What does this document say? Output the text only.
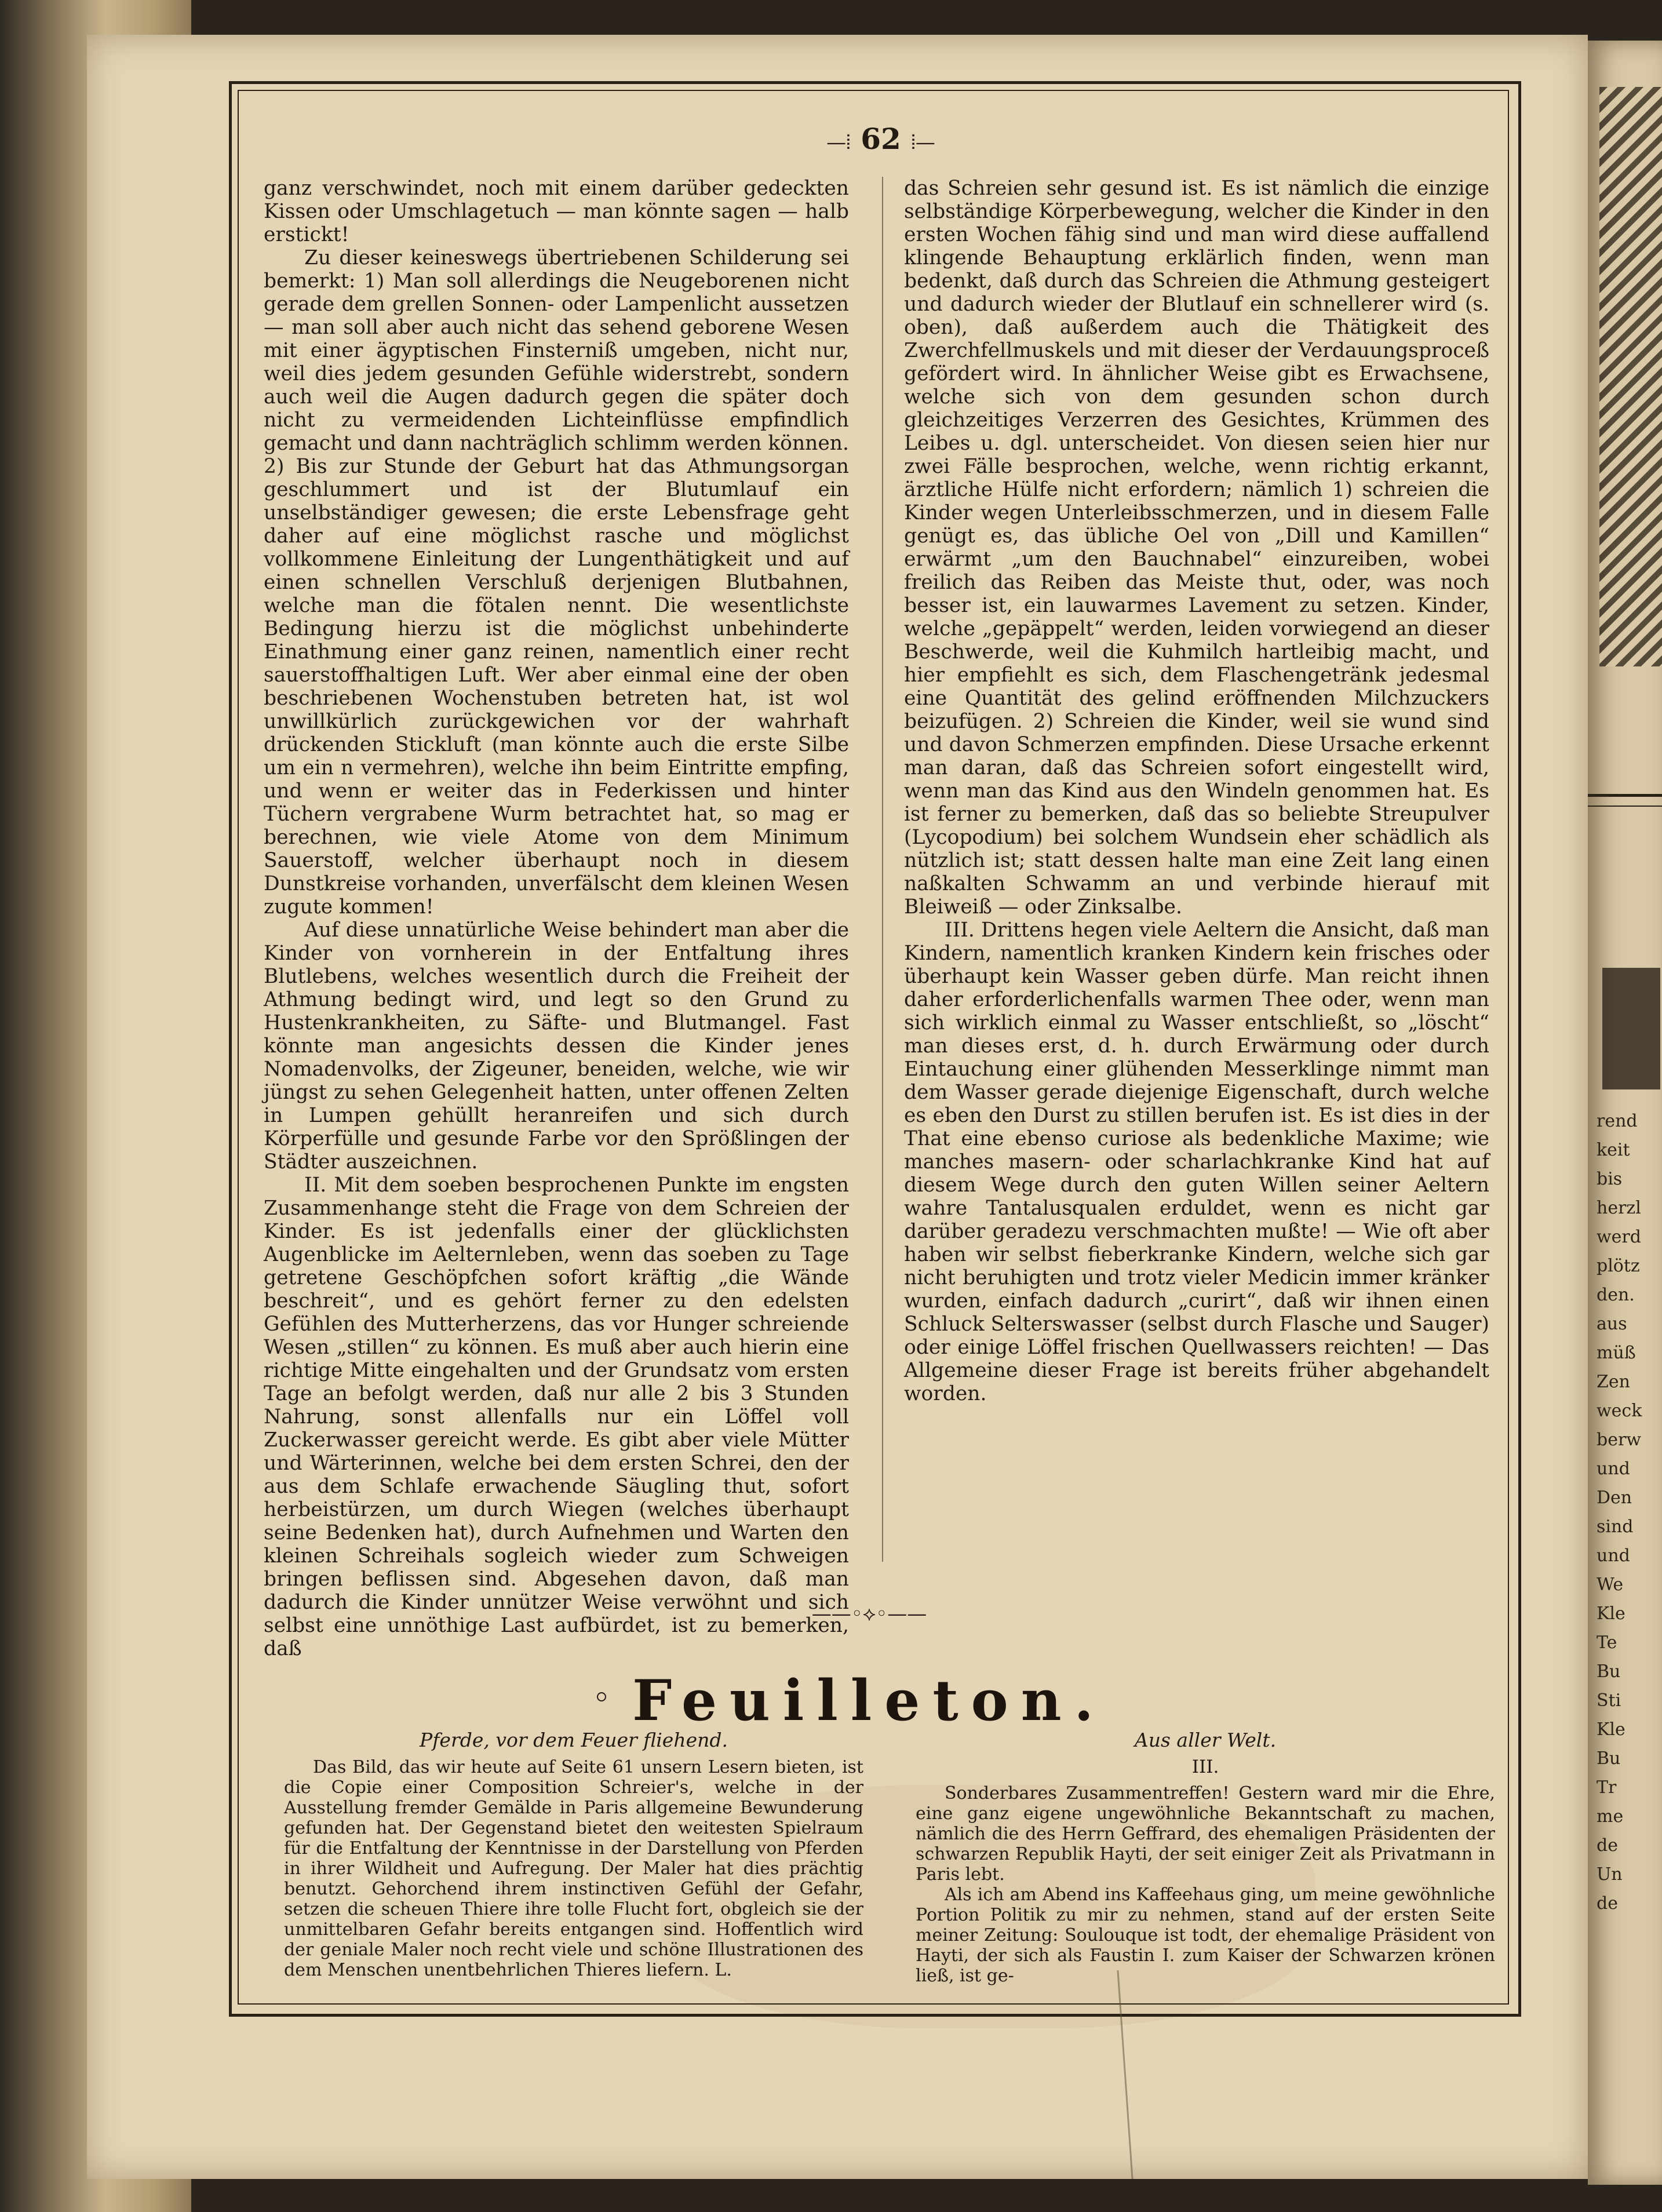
rend
keit
bis
herzl
werd
plötz
den.
aus
müß
Zen
weck
berw
und
Den
sind
und
We
Kle
Te
Bu
Sti
Kle
Bu
Tr
me
de
Un
de
—⦙ 62 ⦙—

ganz verschwindet, noch mit einem darüber gedeckten Kissen oder Umschlagetuch — man könnte sagen — halb erstickt!

Zu dieser keineswegs übertriebenen Schilderung sei bemerkt: 1) Man soll allerdings die Neugeborenen nicht gerade dem grellen Sonnen- oder Lampenlicht aussetzen — man soll aber auch nicht das sehend geborene Wesen mit einer ägyptischen Finsterniß umgeben, nicht nur, weil dies jedem gesunden Gefühle widerstrebt, sondern auch weil die Augen dadurch gegen die später doch nicht zu vermeidenden Lichteinflüsse empfindlich gemacht und dann nachträglich schlimm werden können. 2) Bis zur Stunde der Geburt hat das Athmungsorgan geschlummert und ist der Blutumlauf ein unselbständiger gewesen; die erste Lebensfrage geht daher auf eine möglichst rasche und möglichst vollkommene Einleitung der Lungenthätigkeit und auf einen schnellen Verschluß derjenigen Blutbahnen, welche man die fötalen nennt. Die wesentlichste Bedingung hierzu ist die möglichst unbehinderte Einathmung einer ganz reinen, namentlich einer recht sauerstoffhaltigen Luft. Wer aber einmal eine der oben beschriebenen Wochenstuben betreten hat, ist wol unwillkürlich zurückgewichen vor der wahrhaft drückenden Stickluft (man könnte auch die erste Silbe um ein n vermehren), welche ihn beim Eintritte empfing, und wenn er weiter das in Federkissen und hinter Tüchern vergrabene Wurm betrachtet hat, so mag er berechnen, wie viele Atome von dem Minimum Sauerstoff, welcher überhaupt noch in diesem Dunstkreise vorhanden, unverfälscht dem kleinen Wesen zugute kommen!

Auf diese unnatürliche Weise behindert man aber die Kinder von vornherein in der Entfaltung ihres Blutlebens, welches wesentlich durch die Freiheit der Athmung bedingt wird, und legt so den Grund zu Hustenkrankheiten, zu Säfte- und Blutmangel. Fast könnte man angesichts dessen die Kinder jenes Nomadenvolks, der Zigeuner, beneiden, welche, wie wir jüngst zu sehen Gelegenheit hatten, unter offenen Zelten in Lumpen gehüllt heranreifen und sich durch Körperfülle und gesunde Farbe vor den Sprößlingen der Städter auszeichnen.

II. Mit dem soeben besprochenen Punkte im engsten Zusammenhange steht die Frage von dem Schreien der Kinder. Es ist jedenfalls einer der glücklichsten Augenblicke im Aelternleben, wenn das soeben zu Tage getretene Geschöpfchen sofort kräftig „die Wände beschreit“, und es gehört ferner zu den edelsten Gefühlen des Mutterherzens, das vor Hunger schreiende Wesen „stillen“ zu können. Es muß aber auch hierin eine richtige Mitte eingehalten und der Grundsatz vom ersten Tage an befolgt werden, daß nur alle 2 bis 3 Stunden Nahrung, sonst allenfalls nur ein Löffel voll Zuckerwasser gereicht werde. Es gibt aber viele Mütter und Wärterinnen, welche bei dem ersten Schrei, den der aus dem Schlafe erwachende Säugling thut, sofort herbeistürzen, um durch Wiegen (welches überhaupt seine Bedenken hat), durch Aufnehmen und Warten den kleinen Schreihals sogleich wieder zum Schweigen bringen beflissen sind. Abgesehen davon, daß man dadurch die Kinder unnützer Weise verwöhnt und sich selbst eine unnöthige Last aufbürdet, ist zu bemerken, daß

das Schreien sehr gesund ist. Es ist nämlich die einzige selbständige Körperbewegung, welcher die Kinder in den ersten Wochen fähig sind und man wird diese auffallend klingende Behauptung erklärlich finden, wenn man bedenkt, daß durch das Schreien die Athmung gesteigert und dadurch wieder der Blutlauf ein schnellerer wird (s. oben), daß außerdem auch die Thätigkeit des Zwerchfellmuskels und mit dieser der Verdauungsproceß gefördert wird. In ähnlicher Weise gibt es Erwachsene, welche sich von dem gesunden schon durch gleichzeitiges Verzerren des Gesichtes, Krümmen des Leibes u. dgl. unterscheidet. Von diesen seien hier nur zwei Fälle besprochen, welche, wenn richtig erkannt, ärztliche Hülfe nicht erfordern; nämlich 1) schreien die Kinder wegen Unterleibsschmerzen, und in diesem Falle genügt es, das übliche Oel von „Dill und Kamillen“ erwärmt „um den Bauchnabel“ einzureiben, wobei freilich das Reiben das Meiste thut, oder, was noch besser ist, ein lauwarmes Lavement zu setzen. Kinder, welche „gepäppelt“ werden, leiden vorwiegend an dieser Beschwerde, weil die Kuhmilch hartleibig macht, und hier empfiehlt es sich, dem Flaschengetränk jedesmal eine Quantität des gelind eröffnenden Milchzuckers beizufügen. 2) Schreien die Kinder, weil sie wund sind und davon Schmerzen empfinden. Diese Ursache erkennt man daran, daß das Schreien sofort eingestellt wird, wenn man das Kind aus den Windeln genommen hat. Es ist ferner zu bemerken, daß das so beliebte Streupulver (Lycopodium) bei solchem Wundsein eher schädlich als nützlich ist; statt dessen halte man eine Zeit lang einen naßkalten Schwamm an und verbinde hierauf mit Bleiweiß — oder Zinksalbe.

III. Drittens hegen viele Aeltern die Ansicht, daß man Kindern, namentlich kranken Kindern kein frisches oder überhaupt kein Wasser geben dürfe. Man reicht ihnen daher erforderlichenfalls warmen Thee oder, wenn man sich wirklich einmal zu Wasser entschließt, so „löscht“ man dieses erst, d. h. durch Erwärmung oder durch Eintauchung einer glühenden Messerklinge nimmt man dem Wasser gerade diejenige Eigenschaft, durch welche es eben den Durst zu stillen berufen ist. Es ist dies in der That eine ebenso curiose als bedenkliche Maxime; wie manches masern- oder scharlachkranke Kind hat auf diesem Wege durch den guten Willen seiner Aeltern wahre Tantalusqualen erduldet, wenn es nicht gar darüber geradezu verschmachten mußte! — Wie oft aber haben wir selbst fieberkranke Kindern, welche sich gar nicht beruhigten und trotz vieler Medicin immer kränker wurden, einfach dadurch „curirt“, daß wir ihnen einen Schluck Selterswasser (selbst durch Flasche und Sauger) oder einige Löffel frischen Quellwassers reichten! — Das Allgemeine dieser Frage ist bereits früher abgehandelt worden.

——◦⟡◦——
Feuilleton.
Pferde, vor dem Feuer fliehend.

Das Bild, das wir heute auf Seite 61 unsern Lesern bieten, ist die Copie einer Composition Schreier's, welche in der Ausstellung fremder Gemälde in Paris allgemeine Bewunderung gefunden hat. Der Gegenstand bietet den weitesten Spielraum für die Entfaltung der Kenntnisse in der Darstellung von Pferden in ihrer Wildheit und Aufregung. Der Maler hat dies prächtig benutzt. Gehorchend ihrem instinctiven Gefühl der Gefahr, setzen die scheuen Thiere ihre tolle Flucht fort, obgleich sie der unmittelbaren Gefahr bereits entgangen sind. Hoffentlich wird der geniale Maler noch recht viele und schöne Illustrationen des dem Menschen unentbehrlichen Thieres liefern. L.

Aus aller Welt.
III.

Sonderbares Zusammentreffen! Gestern ward mir die Ehre, eine ganz eigene ungewöhnliche Bekanntschaft zu machen, nämlich die des Herrn Geffrard, des ehemaligen Präsidenten der schwarzen Republik Hayti, der seit einiger Zeit als Privatmann in Paris lebt.

Als ich am Abend ins Kaffeehaus ging, um meine gewöhnliche Portion Politik zu mir zu nehmen, stand auf der ersten Seite meiner Zeitung: Soulouque ist todt, der ehemalige Präsident von Hayti, der sich als Faustin I. zum Kaiser der Schwarzen krönen ließ, ist ge-
